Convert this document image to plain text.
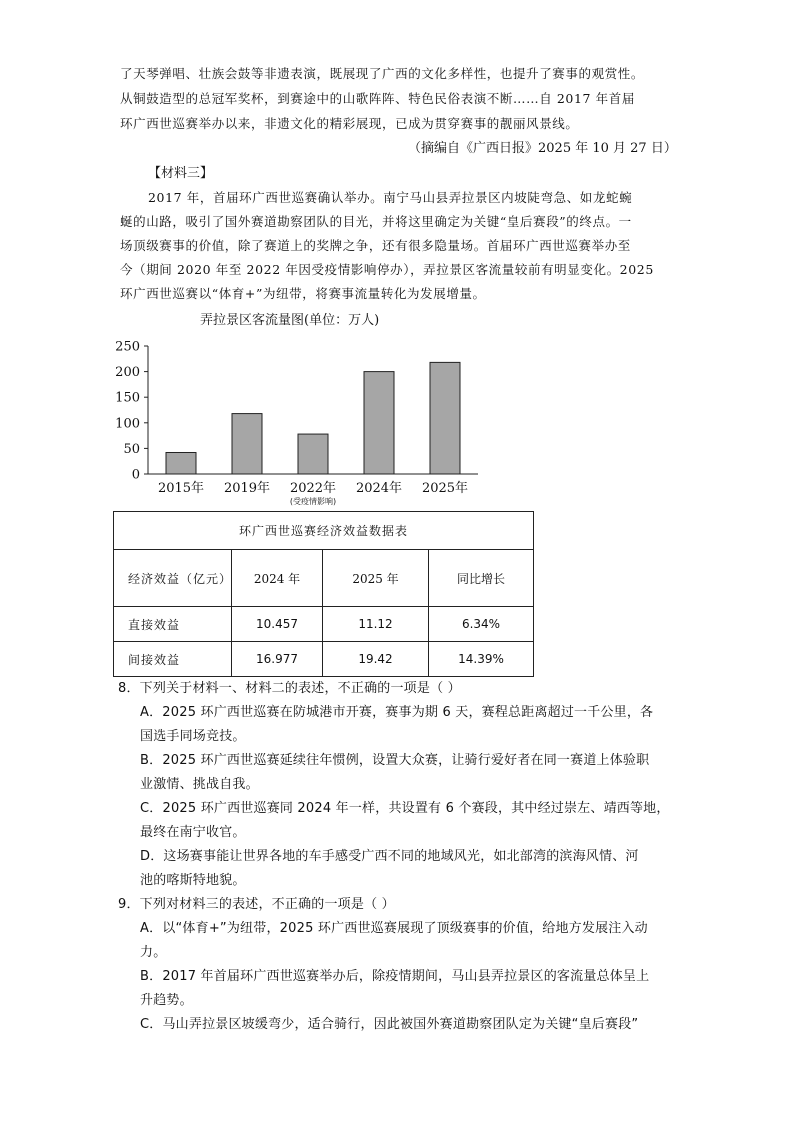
了天琴弹唱、壮族会鼓等非遗表演，既展现了广西的文化多样性，也提升了赛事的观赏性。
从铜鼓造型的总冠军奖杯，到赛途中的山歌阵阵、特色民俗表演不断……自 2017 年首届
环广西世巡赛举办以来，非遗文化的精彩展现，已成为贯穿赛事的靓丽风景线。
（摘编自《广西日报》2025 年 10 月 27 日）
【材料三】
2017 年，首届环广西世巡赛确认举办。南宁马山县弄拉景区内坡陡弯急、如龙蛇蜿
蜒的山路，吸引了国外赛道勘察团队的目光，并将这里确定为关键“皇后赛段”的终点。一
场顶级赛事的价值，除了赛道上的奖牌之争，还有很多隐量场。首届环广西世巡赛举办至
今（期间 2020 年至 2022 年因受疫情影响停办），弄拉景区客流量较前有明显变化。2025
环广西世巡赛以“体育+”为纽带，将赛事流量转化为发展增量。
弄拉景区客流量图(单位：万人)
0
50
100
150
200
250
2015年 2019年 2022年
(受疫情影响)
2024年 2025年
环广西世巡赛经济效益数据表			
经济效益（亿元）	2024 年	2025 年	同比增长
直接效益	10.457	11.12	6.34%
间接效益	16.977	19.42	14.39%
8．下列关于材料一、材料二的表述，不正确的一项是（ ）
A．2025 环广西世巡赛在防城港市开赛，赛事为期 6 天，赛程总距离超过一千公里，各
国选手同场竞技。
B．2025 环广西世巡赛延续往年惯例，设置大众赛，让骑行爱好者在同一赛道上体验职
业激情、挑战自我。
C．2025 环广西世巡赛同 2024 年一样，共设置有 6 个赛段，其中经过崇左、靖西等地，
最终在南宁收官。
D．这场赛事能让世界各地的车手感受广西不同的地域风光，如北部湾的滨海风情、河
池的喀斯特地貌。
9．下列对材料三的表述，不正确的一项是（ ）
A．以“体育+”为纽带，2025 环广西世巡赛展现了顶级赛事的价值，给地方发展注入动
力。
B．2017 年首届环广西世巡赛举办后，除疫情期间，马山县弄拉景区的客流量总体呈上
升趋势。
C．马山弄拉景区坡缓弯少，适合骑行，因此被国外赛道勘察团队定为关键“皇后赛段”
